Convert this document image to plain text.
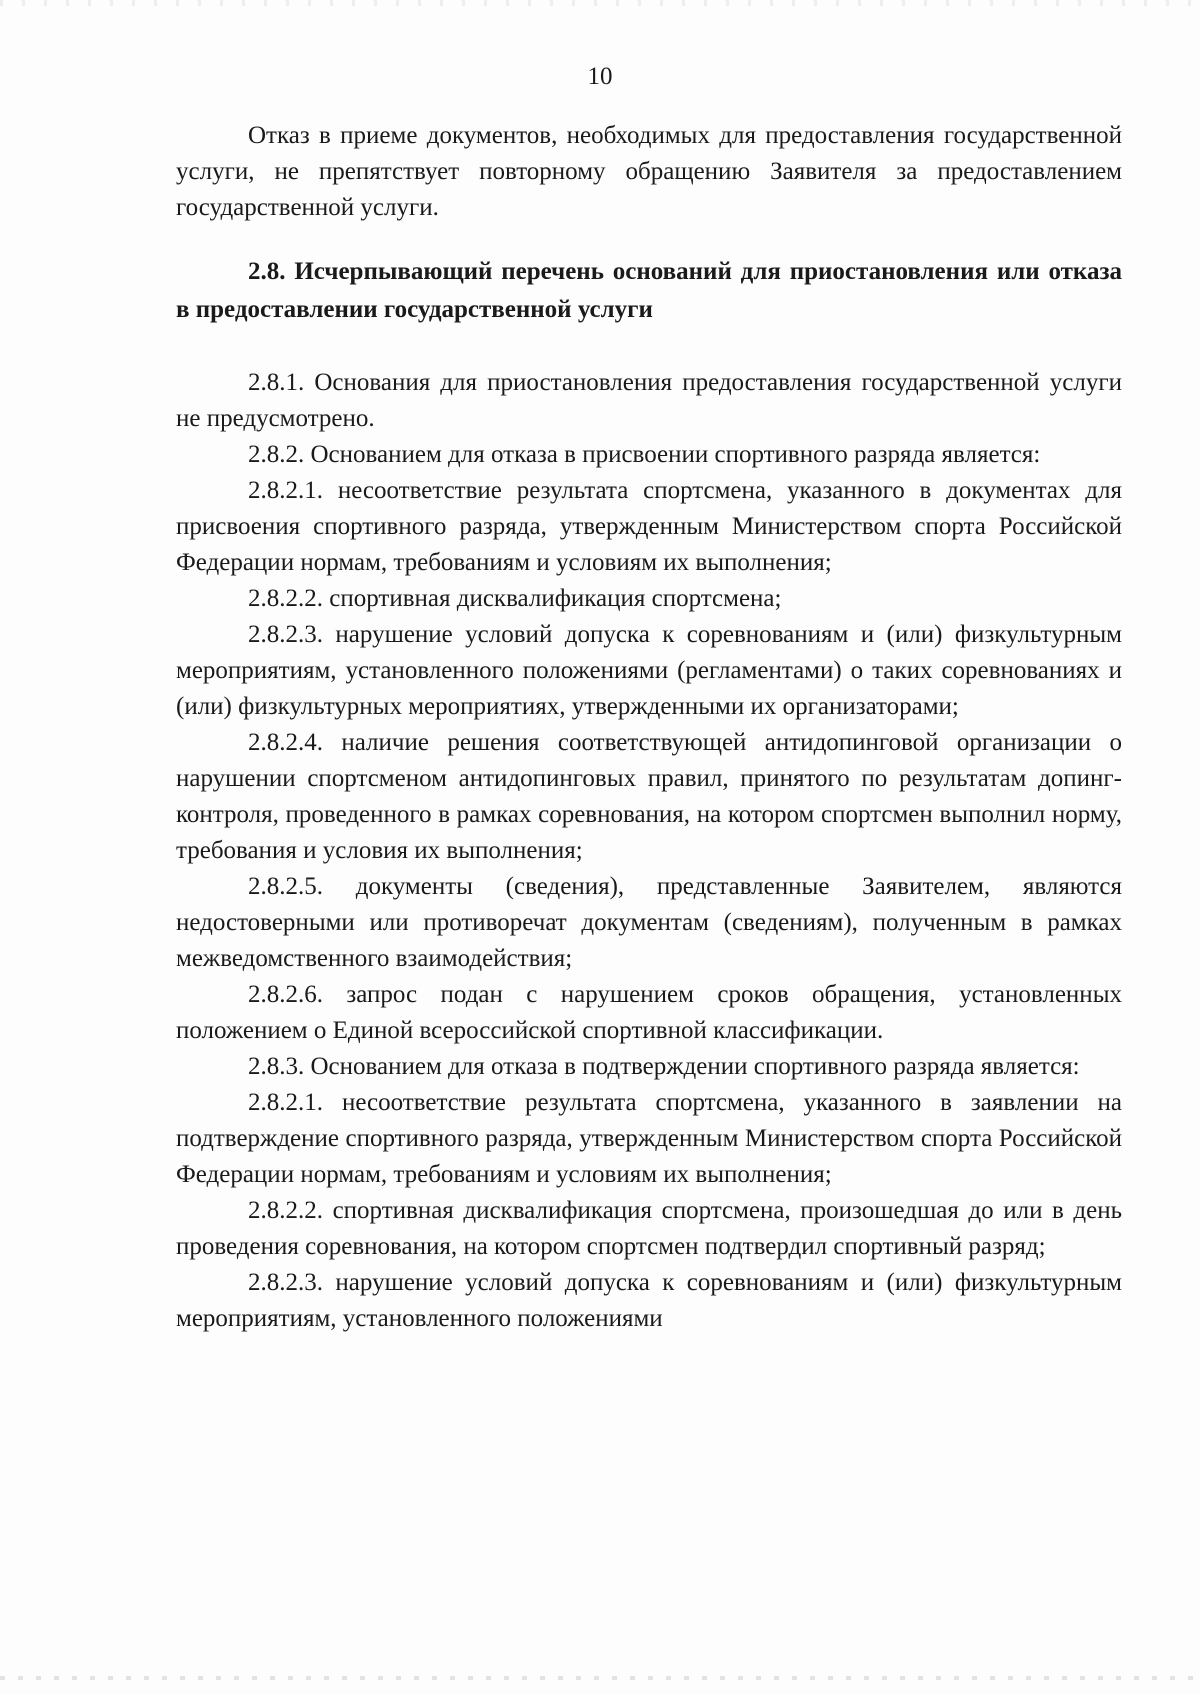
10

Отказ в приеме документов, необходимых для предоставления государственной услуги, не препятствует повторному обращению Заявителя за предоставлением государственной услуги.

2.8. Исчерпывающий перечень оснований для приостановления или отказа в предоставлении государственной услуги

2.8.1. Основания для приостановления предоставления государственной услуги не предусмотрено.

2.8.2. Основанием для отказа в присвоении спортивного разряда является:

2.8.2.1. несоответствие результата спортсмена, указанного в документах для присвоения спортивного разряда, утвержденным Министерством спорта Российской Федерации нормам, требованиям и условиям их выполнения;

2.8.2.2. спортивная дисквалификация спортсмена;

2.8.2.3. нарушение условий допуска к соревнованиям и (или) физкультурным мероприятиям, установленного положениями (регламентами) о таких соревнованиях и (или) физкультурных мероприятиях, утвержденными их организаторами;

2.8.2.4. наличие решения соответствующей антидопинговой организации о нарушении спортсменом антидопинговых правил, принятого по результатам допинг-контроля, проведенного в рамках соревнования, на котором спортсмен выполнил норму, требования и условия их выполнения;

2.8.2.5. документы (сведения), представленные Заявителем, являются недостоверными или противоречат документам (сведениям), полученным в рамках межведомственного взаимодействия;

2.8.2.6. запрос подан с нарушением сроков обращения, установленных положением о Единой всероссийской спортивной классификации.

2.8.3. Основанием для отказа в подтверждении спортивного разряда является:

2.8.2.1. несоответствие результата спортсмена, указанного в заявлении на подтверждение спортивного разряда, утвержденным Министерством спорта Российской Федерации нормам, требованиям и условиям их выполнения;

2.8.2.2. спортивная дисквалификация спортсмена, произошедшая до или в день проведения соревнования, на котором спортсмен подтвердил спортивный разряд;

2.8.2.3. нарушение условий допуска к соревнованиям и (или) физкультурным мероприятиям, установленного положениями
